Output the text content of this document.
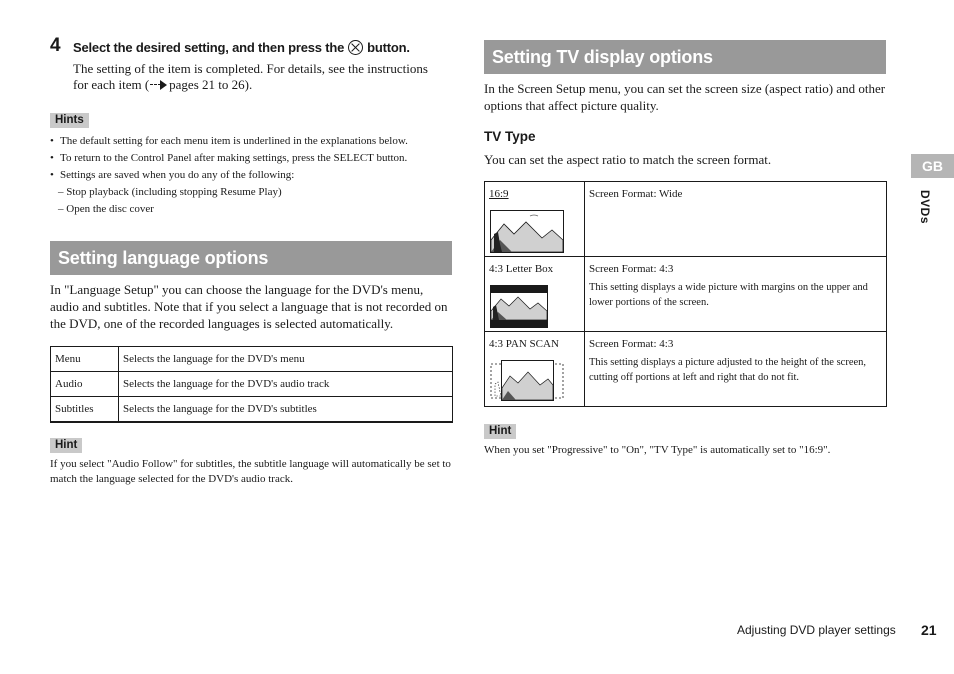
4 Select the desired setting, and then press the button.
The setting of the item is completed. For details, see the instructions
for each item ( pages 21 to 26).
Hints
• The default setting for each menu item is underlined in the explanations below.
• To return to the Control Panel after making settings, press the SELECT button.
• Settings are saved when you do any of the following:
– Stop playback (including stopping Resume Play)
– Open the disc cover
Setting language options
In "Language Setup" you can choose the language for the DVD's menu, audio and subtitles. Note that if you select a language that is not recorded on the DVD, one of the recorded languages is selected automatically.
Menu	Selects the language for the DVD's menu
Audio	Selects the language for the DVD's audio track
Subtitles	Selects the language for the DVD's subtitles
Hint
If you select "Audio Follow" for subtitles, the subtitle language will automatically be set to match the language selected for the DVD's audio track.
Setting TV display options
In the Screen Setup menu, you can set the screen size (aspect ratio) and other options that affect picture quality.
TV Type
You can set the aspect ratio to match the screen format.
16:9	Screen Format: Wide

4:3 Letter Box	Screen Format: 4:3
This setting displays a wide picture with margins on the upper and lower portions of the screen.

4:3 PAN SCAN	Screen Format: 4:3
This setting displays a picture adjusted to the height of the screen, cutting off portions at left and right that do not fit.
Hint
When you set "Progressive" to "On", "TV Type" is automatically set to "16:9".
GB
DVDs
Adjusting DVD player settings 21
